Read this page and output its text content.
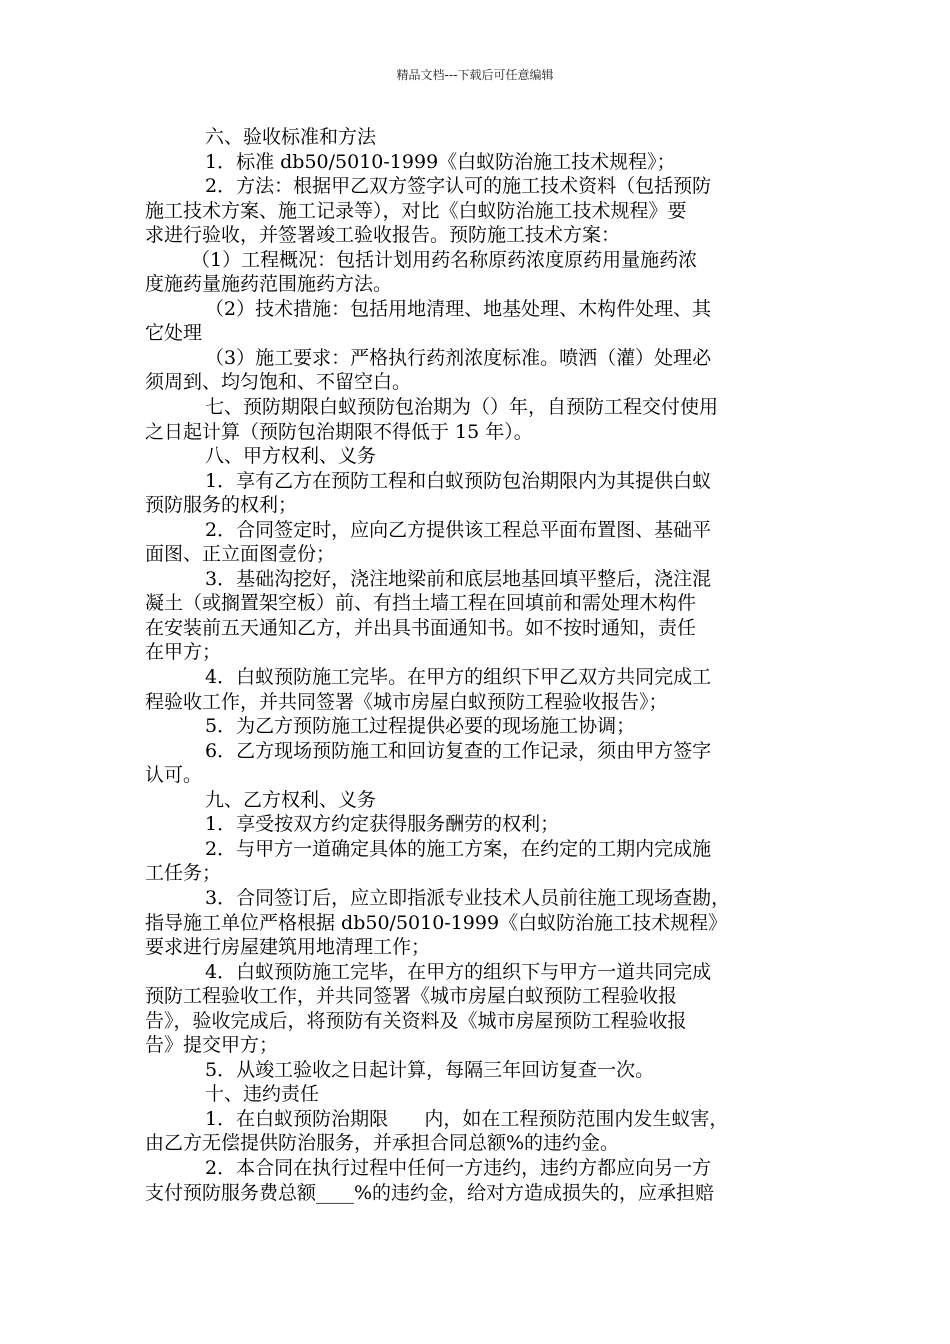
精品文档---下载后可任意编辑
六、验收标准和方法
1．标准 db50/5010-1999《白蚁防治施工技术规程》；
2．方法：根据甲乙双方签字认可的施工技术资料（包括预防
施工技术方案、施工记录等），对比《白蚁防治施工技术规程》要
求进行验收，并签署竣工验收报告。预防施工技术方案：
（1）工程概况：包括计划用药名称原药浓度原药用量施药浓
度施药量施药范围施药方法。
（2）技术措施：包括用地清理、地基处理、木构件处理、其
它处理
（3）施工要求：严格执行药剂浓度标准。喷洒（灌）处理必
须周到、均匀饱和、不留空白。
七、预防期限白蚁预防包治期为（）年，自预防工程交付使用
之日起计算（预防包治期限不得低于 15 年）。
八、甲方权利、义务
1．享有乙方在预防工程和白蚁预防包治期限内为其提供白蚁
预防服务的权利；
2．合同签定时，应向乙方提供该工程总平面布置图、基础平
面图、正立面图壹份；
3．基础沟挖好，浇注地梁前和底层地基回填平整后，浇注混
凝土（或搁置架空板）前、有挡土墙工程在回填前和需处理木构件
在安装前五天通知乙方，并出具书面通知书。如不按时通知，责任
在甲方；
4．白蚁预防施工完毕。在甲方的组织下甲乙双方共同完成工
程验收工作，并共同签署《城市房屋白蚁预防工程验收报告》；
5．为乙方预防施工过程提供必要的现场施工协调；
6．乙方现场预防施工和回访复查的工作记录，须由甲方签字
认可。
九、乙方权利、义务
1．享受按双方约定获得服务酬劳的权利；
2．与甲方一道确定具体的施工方案，在约定的工期内完成施
工任务；
3．合同签订后，应立即指派专业技术人员前往施工现场查勘，
指导施工单位严格根据 db50/5010-1999《白蚁防治施工技术规程》
要求进行房屋建筑用地清理工作；
4．白蚁预防施工完毕，在甲方的组织下与甲方一道共同完成
预防工程验收工作，并共同签署《城市房屋白蚁预防工程验收报
告》，验收完成后，将预防有关资料及《城市房屋预防工程验收报
告》提交甲方；
5．从竣工验收之日起计算，每隔三年回访复查一次。
十、违约责任
1．在白蚁预防治期限      内，如在工程预防范围内发生蚁害，
由乙方无偿提供防治服务，并承担合同总额%的违约金。
2．本合同在执行过程中任何一方违约，违约方都应向另一方
支付预防服务费总额____%的违约金，给对方造成损失的，应承担赔
